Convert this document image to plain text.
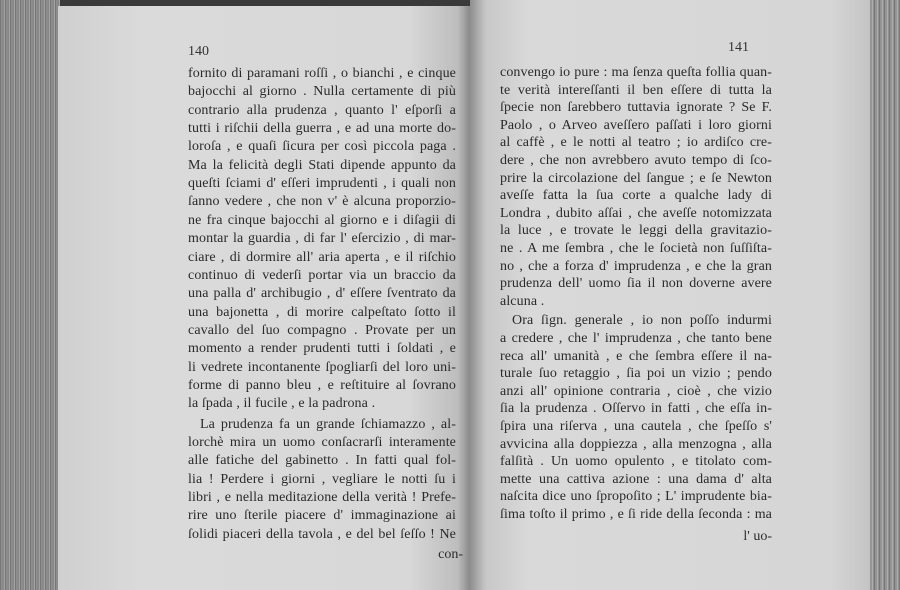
140
fornito di paramani roſſi , o bianchi , e cinque
bajocchi al giorno . Nulla certamente di più
contrario alla prudenza , quanto l' eſporſi a
tutti i riſchii della guerra , e ad una morte do-
loroſa , e quaſi ſicura per così piccola paga .
Ma la felicità degli Stati dipende appunto da
queſti ſciami d' eſſeri imprudenti , i quali non
ſanno vedere , che non v' è alcuna proporzio-
ne fra cinque bajocchi al giorno e i diſagii di
montar la guardia , di far l' eſercizio , di mar-
ciare , di dormire all' aria aperta , e il riſchio
continuo di vederſi portar via un braccio da
una palla d' archibugio , d' eſſere ſventrato da
una bajonetta , di morire calpeſtato ſotto il
cavallo del ſuo compagno . Provate per un
momento a render prudenti tutti i ſoldati , e
li vedrete incontanente ſpogliarſi del loro uni-
forme di panno bleu , e reſtituire al ſovrano
la ſpada , il fucile , e la padrona .
La prudenza fa un grande ſchiamazzo , al-
lorchè mira un uomo conſacrarſi interamente
alle fatiche del gabinetto . In fatti qual fol-
lia ! Perdere i giorni , vegliare le notti ſu i
libri , e nella meditazione della verità ! Prefe-
rire uno ſterile piacere d' immaginazione ai
ſolidi piaceri della tavola , e del bel ſeſſo ! Ne
con-
141
convengo io pure : ma ſenza queſta follia quan-
te verità intereſſanti il ben eſſere di tutta la
ſpecie non ſarebbero tuttavia ignorate ? Se F.
Paolo , o Arveo aveſſero paſſati i loro giorni
al caffè , e le notti al teatro ; io ardiſco cre-
dere , che non avrebbero avuto tempo di ſco-
prire la circolazione del ſangue ; e ſe Newton
aveſſe fatta la ſua corte a qualche lady di
Londra , dubito aſſai , che aveſſe notomizzata
la luce , e trovate le leggi della gravitazio-
ne . A me ſembra , che le ſocietà non ſuſſiſta-
no , che a forza d' imprudenza , e che la gran
prudenza dell' uomo ſia il non doverne avere
alcuna .
Ora ſign. generale , io non poſſo indurmi
a credere , che l' imprudenza , che tanto bene
reca all' umanità , e che ſembra eſſere il na-
turale ſuo retaggio , ſia poi un vizio ; pendo
anzi all' opinione contraria , cioè , che vizio
ſia la prudenza . Oſſervo in fatti , che eſſa in-
ſpira una riſerva , una cautela , che ſpeſſo s'
avvicina alla doppiezza , alla menzogna , alla
falſità . Un uomo opulento , e titolato com-
mette una cattiva azione : una dama d' alta
naſcita dice uno ſpropoſito ; L' imprudente bia-
ſima toſto il primo , e ſi ride della ſeconda : ma
l' uo-
